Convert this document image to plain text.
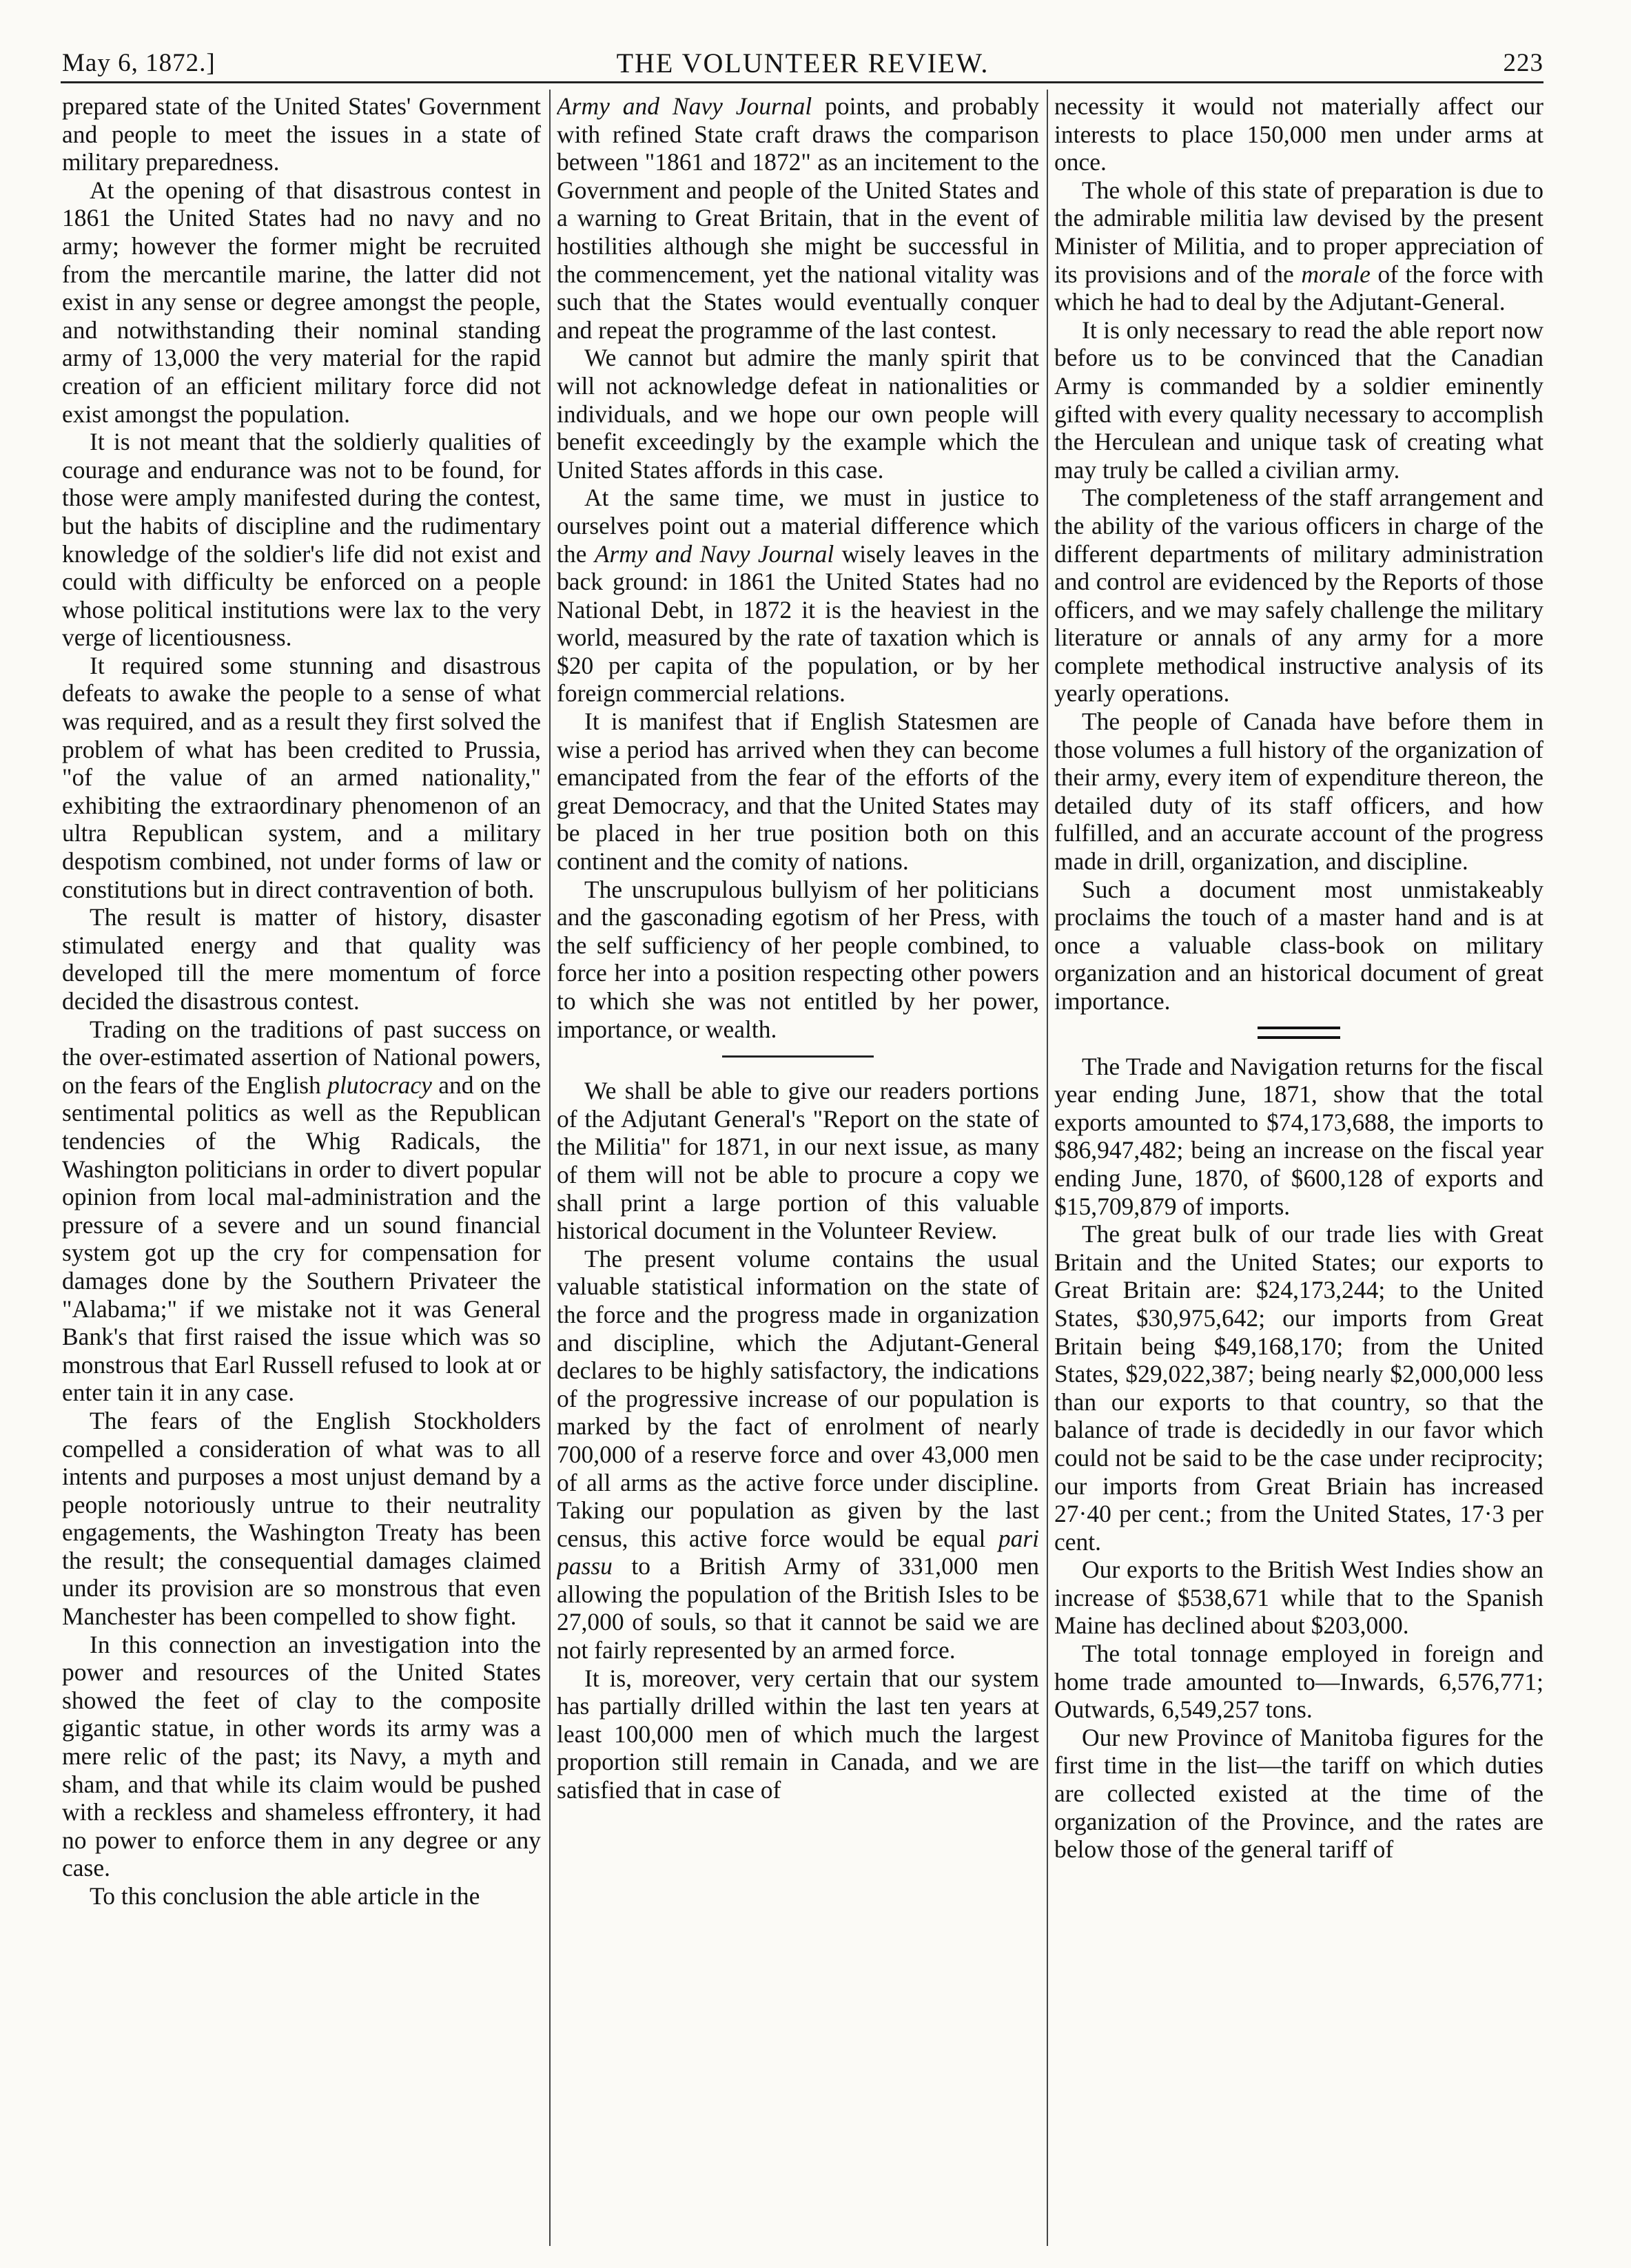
May 6, 1872.]	THE VOLUNTEER REVIEW.	223

prepared state of the United States' Government and people to meet the issues in a state of military preparedness.

At the opening of that disastrous contest in 1861 the United States had no navy and no army; however the former might be recruited from the mercantile marine, the latter did not exist in any sense or degree amongst the people, and notwithstanding their nominal standing army of 13,000 the very material for the rapid creation of an efficient military force did not exist amongst the population.

It is not meant that the soldierly qualities of courage and endurance was not to be found, for those were amply manifested during the contest, but the habits of discipline and the rudimentary knowledge of the soldier's life did not exist and could with difficulty be enforced on a people whose political institutions were lax to the very verge of licentiousness.

It required some stunning and disastrous defeats to awake the people to a sense of what was required, and as a result they first solved the problem of what has been credited to Prussia, "of the value of an armed nationality," exhibiting the extraordinary phenomenon of an ultra Republican system, and a military despotism combined, not under forms of law or constitutions but in direct contravention of both.

The result is matter of history, disaster stimulated energy and that quality was developed till the mere momentum of force decided the disastrous contest.

Trading on the traditions of past success on the over-estimated assertion of National powers, on the fears of the English plutocracy and on the sentimental politics as well as the Republican tendencies of the Whig Radicals, the Washington politicians in order to divert popular opinion from local mal-administration and the pressure of a severe and un sound financial system got up the cry for compensation for damages done by the Southern Privateer the "Alabama;" if we mistake not it was General Bank's that first raised the issue which was so monstrous that Earl Russell refused to look at or enter tain it in any case.

The fears of the English Stockholders compelled a consideration of what was to all intents and purposes a most unjust demand by a people notoriously untrue to their neutrality engagements, the Washington Treaty has been the result; the consequential damages claimed under its provision are so monstrous that even Manchester has been compelled to show fight.

In this connection an investigation into the power and resources of the United States showed the feet of clay to the composite gigantic statue, in other words its army was a mere relic of the past; its Navy, a myth and sham, and that while its claim would be pushed with a reckless and shameless effrontery, it had no power to enforce them in any degree or any case.

To this conclusion the able article in the

Army and Navy Journal points, and probably with refined State craft draws the comparison between "1861 and 1872" as an incitement to the Government and people of the United States and a warning to Great Britain, that in the event of hostilities although she might be successful in the commencement, yet the national vitality was such that the States would eventually conquer and repeat the programme of the last contest.

We cannot but admire the manly spirit that will not acknowledge defeat in nationalities or individuals, and we hope our own people will benefit exceedingly by the example which the United States affords in this case.

At the same time, we must in justice to ourselves point out a material difference which the Army and Navy Journal wisely leaves in the back ground: in 1861 the United States had no National Debt, in 1872 it is the heaviest in the world, measured by the rate of taxation which is $20 per capita of the population, or by her foreign commercial relations.

It is manifest that if English Statesmen are wise a period has arrived when they can become emancipated from the fear of the efforts of the great Democracy, and that the United States may be placed in her true position both on this continent and the comity of nations.

The unscrupulous bullyism of her politicians and the gasconading egotism of her Press, with the self sufficiency of her people combined, to force her into a position respecting other powers to which she was not entitled by her power, importance, or wealth.

We shall be able to give our readers portions of the Adjutant General's "Report on the state of the Militia" for 1871, in our next issue, as many of them will not be able to procure a copy we shall print a large portion of this valuable historical document in the Volunteer Review.

The present volume contains the usual valuable statistical information on the state of the force and the progress made in organization and discipline, which the Adjutant-General declares to be highly satisfactory, the indications of the progressive increase of our population is marked by the fact of enrolment of nearly 700,000 of a reserve force and over 43,000 men of all arms as the active force under discipline. Taking our population as given by the last census, this active force would be equal pari passu to a British Army of 331,000 men allowing the population of the British Isles to be 27,000 of souls, so that it cannot be said we are not fairly represented by an armed force.

It is, moreover, very certain that our system has partially drilled within the last ten years at least 100,000 men of which much the largest proportion still remain in Canada, and we are satisfied that in case of

necessity it would not materially affect our interests to place 150,000 men under arms at once.

The whole of this state of preparation is due to the admirable militia law devised by the present Minister of Militia, and to proper appreciation of its provisions and of the morale of the force with which he had to deal by the Adjutant-General.

It is only necessary to read the able report now before us to be convinced that the Canadian Army is commanded by a soldier eminently gifted with every quality necessary to accomplish the Herculean and unique task of creating what may truly be called a civilian army.

The completeness of the staff arrangement and the ability of the various officers in charge of the different departments of military administration and control are evidenced by the Reports of those officers, and we may safely challenge the military literature or annals of any army for a more complete methodical instructive analysis of its yearly operations.

The people of Canada have before them in those volumes a full history of the organization of their army, every item of expenditure thereon, the detailed duty of its staff officers, and how fulfilled, and an accurate account of the progress made in drill, organization, and discipline.

Such a document most unmistakeably proclaims the touch of a master hand and is at once a valuable class-book on military organization and an historical document of great importance.

The Trade and Navigation returns for the fiscal year ending June, 1871, show that the total exports amounted to $74,173,688, the imports to $86,947,482; being an increase on the fiscal year ending June, 1870, of $600,128 of exports and $15,709,879 of imports.

The great bulk of our trade lies with Great Britain and the United States; our exports to Great Britain are: $24,173,244; to the United States, $30,975,642; our imports from Great Britain being $49,168,170; from the United States, $29,022,387; being nearly $2,000,000 less than our exports to that country, so that the balance of trade is decidedly in our favor which could not be said to be the case under reciprocity; our imports from Great Briain has increased 27·40 per cent.; from the United States, 17·3 per cent.

Our exports to the British West Indies show an increase of $538,671 while that to the Spanish Maine has declined about $203,000.

The total tonnage employed in foreign and home trade amounted to—Inwards, 6,576,771; Outwards, 6,549,257 tons.

Our new Province of Manitoba figures for the first time in the list—the tariff on which duties are collected existed at the time of the organization of the Province, and the rates are below those of the general tariff of
